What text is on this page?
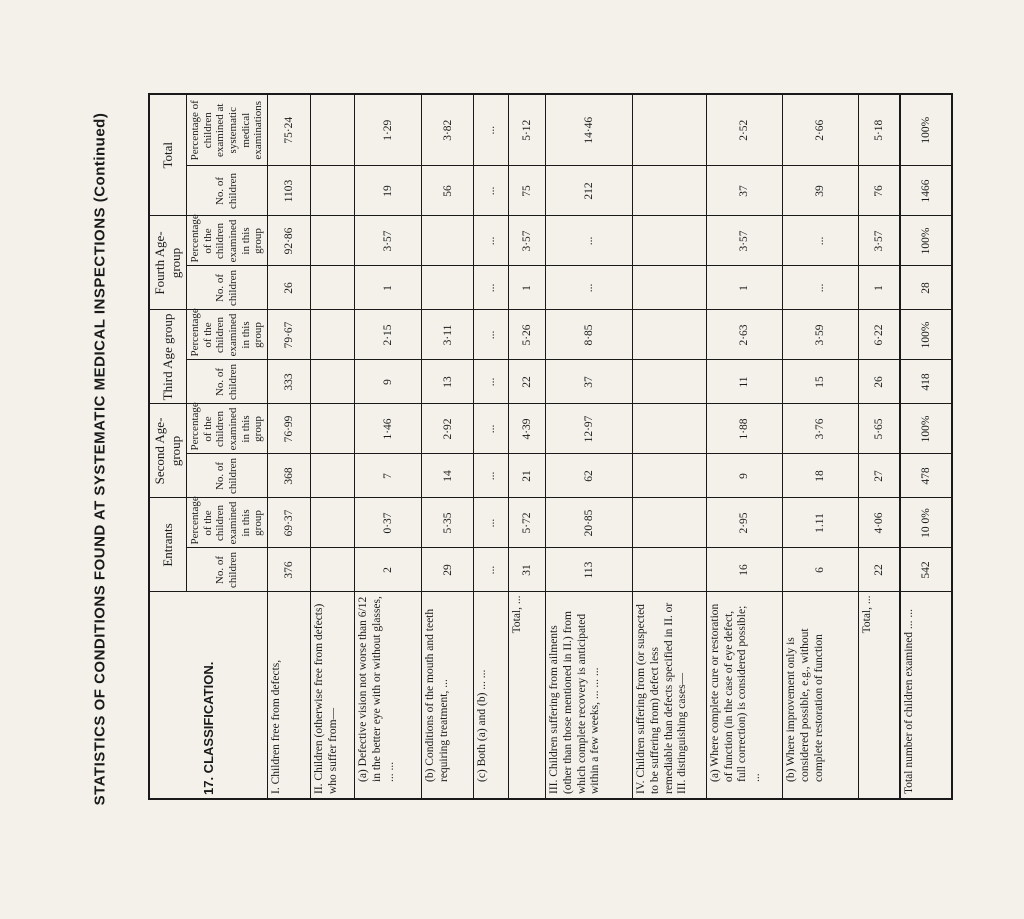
STATISTICS OF CONDITIONS FOUND AT SYSTEMATIC MEDICAL INSPECTIONS (Continued)	17. CLASSIFICATION.	Entrants		Second Age-group		Third Age group		Fourth Age-group		Total	
	No. of children	Percentage of the children examined in this group	No. of children	Percentage of the children examined in this group	No. of children	Percentage of the children examined in this group	No. of children	Percentage of the children examined in this group	No. of children	Percentage of children examined at systematic medical examinations
I. Children free from defects,	376	69·37	368	76·99	333	79·67	26	92·86	1103	75·24
II. Children (otherwise free from defects) who suffer from—										
(a) Defective vision not worse than 6/12 in the better eye with or without glasses, ... ...	2	0·37	7	1·46	9	2·15	1	3·57	19	1·29
(b) Conditions of the mouth and teeth requiring treatment, ...	29	5·35	14	2·92	13	3·11			56	3·82
(c) Both (a) and (b) ... ...	...	...	...	...	...	...	...	...	...	...
Total, ...	31	5·72	21	4·39	22	5·26	1	3·57	75	5·12
III. Children suffering from ailments (other than those mentioned in II.) from which complete recovery is anticipated within a few weeks, ... ... ...	113	20·85	62	12·97	37	8·85	...	...	212	14·46
IV. Children suffering from (or suspected to be suffering from) defect less remediable than defects specified in II. or III. distinguishing cases—										
(a) Where complete cure or restoration of function (in the case of eye defect, full correction) is considered possible; ...	16	2·95	9	1·88	11	2·63	1	3·57	37	2·52
(b) Where improvement only is considered possible, e.g., without complete restoration of function	6	1.11	18	3·76	15	3·59	...	...	39	2·66
Total, ...	22	4·06	27	5·65	26	6·22	1	3·57	76	5·18
Total number of children examined ... ...	542	10 0%	478	100%	418	100%	28	100%	1466	100%
